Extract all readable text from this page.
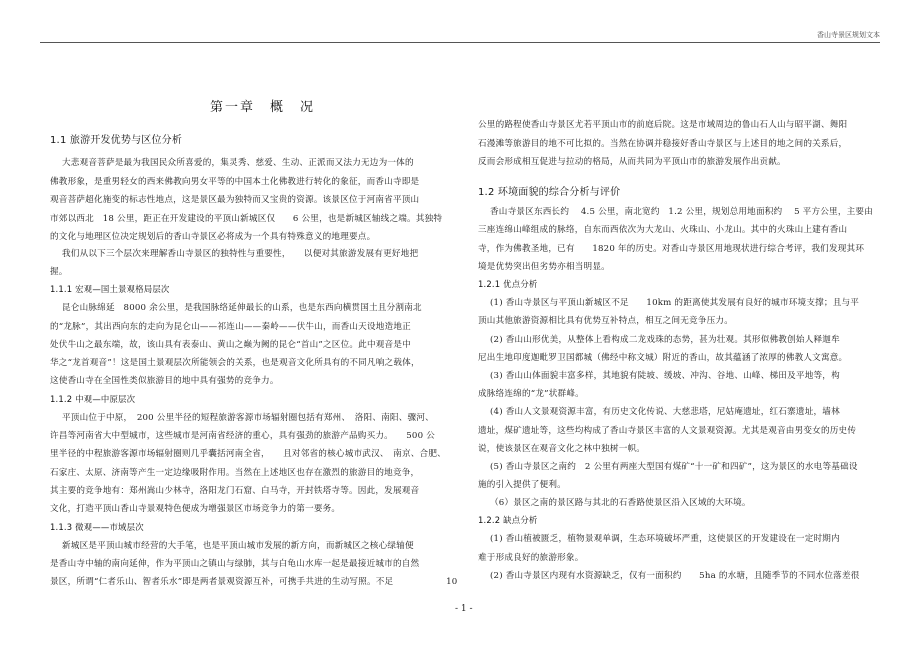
香山寺景区规划文本
第一章　概　况
1.1 旅游开发优势与区位分析
大悲观音菩萨是最为我国民众所喜爱的，集灵秀、慈爱、生动、正派而又法力无边为一体的
佛教形象，是重男轻女的西来佛教向男女平等的中国本土化佛教进行转化的象征，而香山寺即是
观音菩萨超化施变的标志性地点，这是景区最为独特而又宝贵的资源。该景区位于河南省平顶山
市郊以西北　18 公里，距正在开发建设的平顶山新城区仅　　6 公里，也是新城区轴线之端。其独特
的文化与地理区位决定规划后的香山寺景区必将成为一个具有特殊意义的地理要点。
我们从以下三个层次来理解香山寺景区的独特性与重要性，　　以便对其旅游发展有更好地把
握。
1.1.1 宏观—国土景观格局层次
昆仑山脉绵延　8000 余公里，是我国脉络延伸最长的山系，也是东西向横贯国土且分割南北
的“龙脉”，其出西向东的走向为昆仑山——祁连山——秦岭——伏牛山，而香山天设地造地正
处伏牛山之最东端，故，该山具有表泰山、黄山之巅为阙的昆仑“首山”之区位。此中观音是中
华之“龙首观音”！这是国土景观层次所能领会的关系，也是观音文化所具有的不同凡响之载体，
这使香山寺在全国性类似旅游目的地中具有强势的竞争力。
1.1.2 中观—中原层次
平顶山位于中原，　200 公里半径的短程旅游客源市场辐射圈包括有郑州、　洛阳、南阳、骤河、
许昌等河南省大中型城市，这些城市是河南省经济的重心，具有强劲的旅游产品购买力。　　500 公
里半径的中程旅游客源市场辐射圈则几乎囊括河南全省，　　且对邻省的核心城市武汉、　南京、合肥、
石家庄、太原、济南等产生一定边缘吸附作用。当然在上述地区也存在激烈的旅游目的地竞争，
其主要的竞争地有：郑州嵩山少林寺，洛阳龙门石窟、白马寺，开封铁塔寺等。因此，发展观音
文化，打造平顶山香山寺景观特色便成为增强景区市场竞争力的第一要务。
1.1.3 微观——市域层次
新城区是平顶山城市经营的大手笔，也是平顶山城市发展的新方向，而新城区之核心绿轴便
是香山寺中轴的南向延伸，作为平顶山之镇山与绿肺，其与白龟山水库一起是最接近城市的自然
景区，所谓“仁者乐山、智者乐水”即是两者景观资源互补，可携手共进的生动写照。不足　　　　　　10
公里的路程使香山寺景区尤若平顶山市的前庭后院。这是市域周边的鲁山石人山与昭平湖、舞阳
石漫滩等旅游目的地不可比拟的。当然在协调并稳接好香山寺景区与上述目的地之间的关系后，
反而会形成相互促进与拉动的格局，从而共同为平顶山市的旅游发展作出贡献。
1.2 环境面貌的综合分析与评价
香山寺景区东西长约　 4.5 公里，南北宽约　1.2 公里，规划总用地面积约　 5 平方公里，主要由
三座连绵山峰组成的脉络，自东而西依次为大龙山、火珠山、小龙山。其中的火珠山上建有香山
寺，作为佛教圣地，已有　　1820 年的历史。对香山寺景区用地现状进行综合考评，我们发现其环
境是优势突出但劣势亦相当明显。
1.2.1 优点分析
(1) 香山寺景区与平顶山新城区不足　　10km 的距离使其发展有良好的城市环境支撑；且与平
顶山其他旅游资源相比具有优势互补特点，相互之间无竞争压力。
(2) 香山山形优美，从整体上看构成二龙戏珠的态势，甚为壮观。其形似佛教创始人释迦牟
尼出生地印度迦毗罗卫国都城（佛经中称文城）附近的香山，故其蕴涵了浓厚的佛教人文寓意。
(3) 香山山体面貌丰富多样，其地貌有陡坡、缓坡、冲沟、谷地、山峰、梯田及平地等，构
成脉络连绵的“龙”状群峰。
(4) 香山人文景观资源丰富，有历史文化传说、大慈悲塔，尼姑庵遗址，红石寨遗址，墙林
遗址，煤矿遗址等，这些均构成了香山寺景区丰富的人文景观资源。尤其是观音由男变女的历史传
说，使该景区在观音文化之林中独树一帜。
(5) 香山寺景区之南约　2 公里有两座大型国有煤矿“十一矿和四矿”，这为景区的水电等基础设
施的引入提供了便利。
（6）景区之南的景区路与其北的石香路使景区沿入区域的大环境。
1.2.2 缺点分析
(1) 香山植被匮乏，植物景观单调，生态环境破坏严重，这使景区的开发建设在一定时期内
难于形成良好的旅游形象。
(2) 香山寺景区内现有水资源缺乏，仅有一面积约　　5ha 的水塘，且随季节的不同水位落差很
- 1 -
